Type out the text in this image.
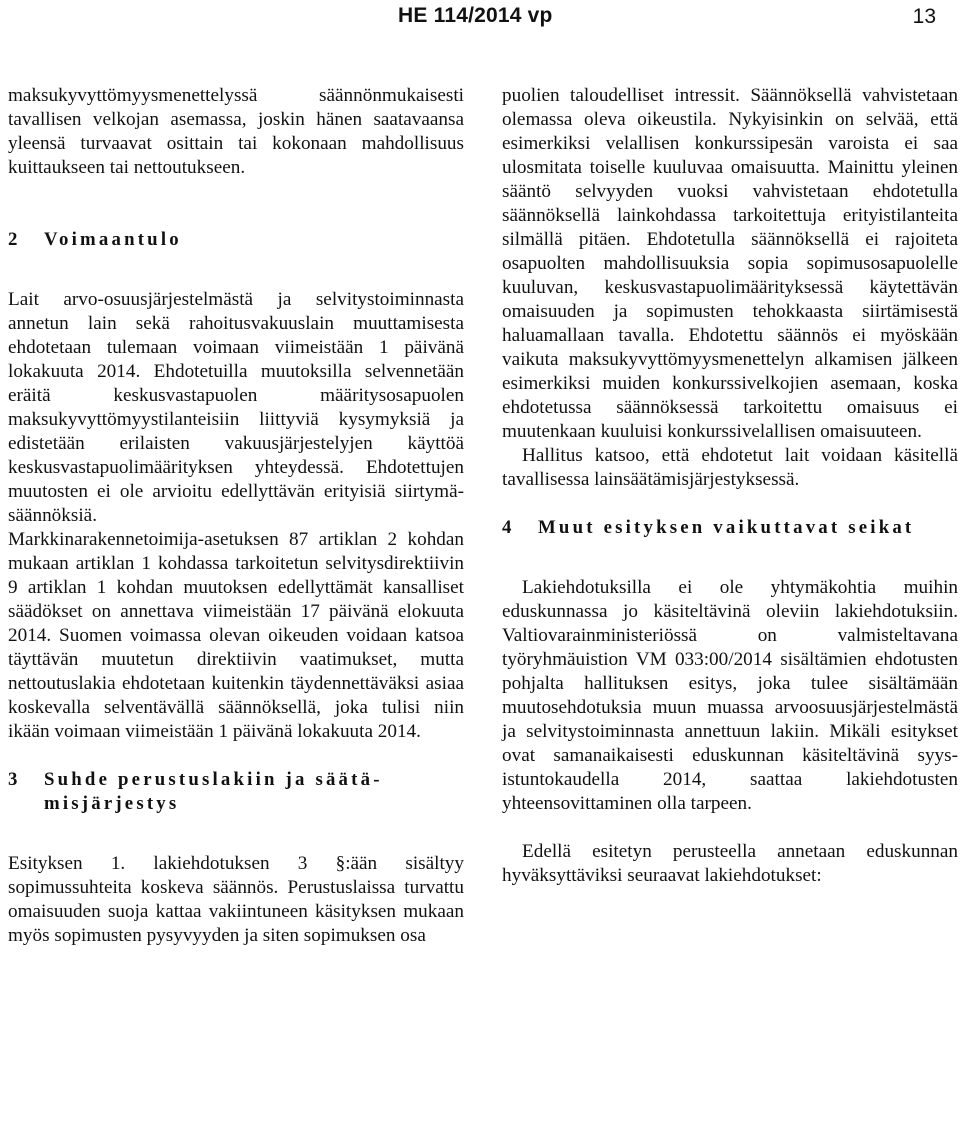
HE 114/2014 vp	13

maksukyvyttömyysmenettelyssä säännönmukaisesti tavallisen velkojan asemassa, joskin hänen saatavaansa yleensä turvaavat osittain tai kokonaan mahdollisuus kuittaukseen tai nettoutukseen.

2	Voimaantulo

Lait arvo-osuusjärjestelmästä ja selvitystoiminnasta annetun lain sekä rahoitusvakuuslain muuttamisesta ehdotetaan tulemaan voimaan viimeistään 1 päivänä lokakuuta 2014. Ehdotetuilla muutoksilla selvennetään eräitä keskusvastapuolen määritysosapuolen maksukyvyttömyystilanteisiin liittyviä kysymyksiä ja edistetään erilaisten vakuusjärjestelyjen käyttöä keskusvastapuolimäärityksen yhteydessä. Ehdotettujen muutosten ei ole arvioitu edellyttävän erityisiä siirtymäsäännöksiä.

Markkinarakennetoimija-asetuksen 87 artiklan 2 kohdan mukaan artiklan 1 kohdassa tarkoitetun selvitysdirektiivin 9 artiklan 1 kohdan muutoksen edellyttämät kansalliset säädökset on annettava viimeistään 17 päivänä elokuuta 2014. Suomen voimassa olevan oikeuden voidaan katsoa täyttävän muutetun direktiivin vaatimukset, mutta nettoutuslakia ehdotetaan kuitenkin täydennettäväksi asiaa koskevalla selventävällä säännöksellä, joka tulisi niin ikään voimaan viimeistään 1 päivänä lokakuuta 2014.

3	Suhde perustuslakiin ja säätämisjärjestys

Esityksen 1. lakiehdotuksen 3 §:ään sisältyy sopimussuhteita koskeva säännös. Perustuslaissa turvattu omaisuuden suoja kattaa vakiintuneen käsityksen mukaan myös sopimusten pysyvyyden ja siten sopimuksen osa

puolien taloudelliset intressit. Säännöksellä vahvistetaan olemassa oleva oikeustila. Nykyisinkin on selvää, että esimerkiksi velallisen konkurssipesän varoista ei saa ulosmitata toiselle kuuluvaa omaisuutta. Mainittu yleinen sääntö selvyyden vuoksi vahvistetaan ehdotetulla säännöksellä lainkohdassa tarkoitettuja erityistilanteita silmällä pitäen. Ehdotetulla säännöksellä ei rajoiteta osapuolten mahdollisuuksia sopia sopimusosapuolelle kuuluvan, keskusvastapuolimäärityksessä käytettävän omaisuuden ja sopimusten tehokkaasta siirtämisestä haluamallaan tavalla. Ehdotettu säännös ei myöskään vaikuta maksukyvyttömyysmenettelyn alkamisen jälkeen esimerkiksi muiden konkurssivelkojien asemaan, koska ehdotetussa säännöksessä tarkoitettu omaisuus ei muutenkaan kuuluisi konkurssivelallisen omaisuuteen.

Hallitus katsoo, että ehdotetut lait voidaan käsitellä tavallisessa lainsäätämisjärjestyksessä.

4	Muut esityksen vaikuttavat seikat

Lakiehdotuksilla ei ole yhtymäkohtia muihin eduskunnassa jo käsiteltävinä oleviin lakiehdotuksiin. Valtiovarainministeriössä on valmisteltavana työryhmäuistion VM 033:00/2014 sisältämien ehdotusten pohjalta hallituksen esitys, joka tulee sisältämään muutosehdotuksia muun muassa arvoosuusjärjestelmästä ja selvitystoiminnasta annettuun lakiin. Mikäli esitykset ovat samanaikaisesti eduskunnan käsiteltävinä syysistuntokaudella 2014, saattaa lakiehdotusten yhteensovittaminen olla tarpeen.

Edellä esitetyn perusteella annetaan eduskunnan hyväksyttäviksi seuraavat lakiehdotukset:
